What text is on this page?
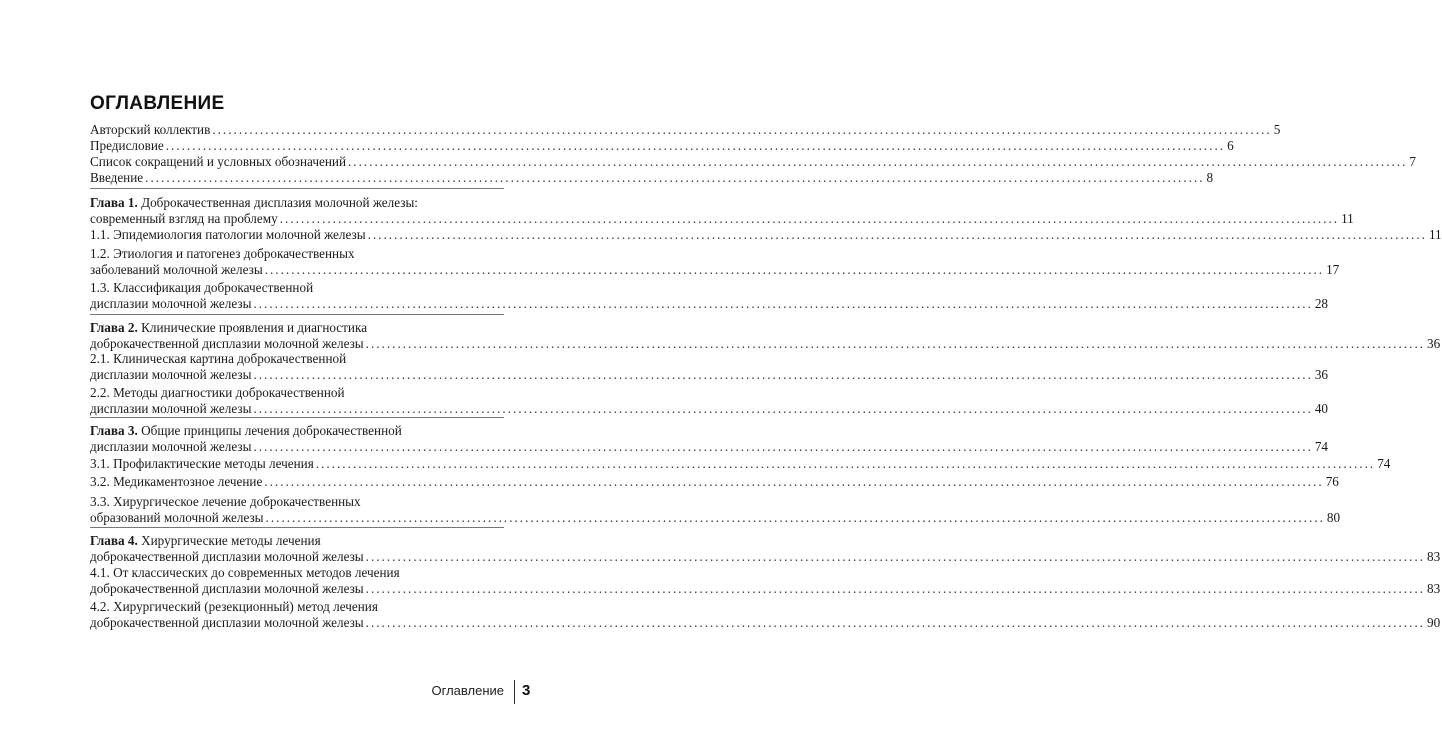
ОГЛАВЛЕНИЕ
Авторский коллектив ........................................................................................................................................................................................................ 5
Предисловие ........................................................................................................................................................................................................ 6
Список сокращений и условных обозначений ........................................................................................................................................................................................................ 7
Введение ........................................................................................................................................................................................................ 8
Глава 1. Доброкачественная дисплазия молочной железы:
современный взгляд на проблему ........................................................................................................................................................................................................ 11
1.1. Эпидемиология патологии молочной железы ........................................................................................................................................................................................................ 11
1.2. Этиология и патогенез доброкачественных
заболеваний молочной железы ........................................................................................................................................................................................................ 17
1.3. Классификация доброкачественной
дисплазии молочной железы ........................................................................................................................................................................................................ 28
Глава 2. Клинические проявления и диагностика
доброкачественной дисплазии молочной железы ........................................................................................................................................................................................................ 36
2.1. Клиническая картина доброкачественной
дисплазии молочной железы ........................................................................................................................................................................................................ 36
2.2. Методы диагностики доброкачественной
дисплазии молочной железы ........................................................................................................................................................................................................ 40
Глава 3. Общие принципы лечения доброкачественной
дисплазии молочной железы ........................................................................................................................................................................................................ 74
3.1. Профилактические методы лечения ........................................................................................................................................................................................................ 74
3.2. Медикаментозное лечение ........................................................................................................................................................................................................ 76
3.3. Хирургическое лечение доброкачественных
образований молочной железы ........................................................................................................................................................................................................ 80
Глава 4. Хирургические методы лечения
доброкачественной дисплазии молочной железы ........................................................................................................................................................................................................ 83
4.1. От классических до современных методов лечения
доброкачественной дисплазии молочной железы ........................................................................................................................................................................................................ 83
4.2. Хирургический (резекционный) метод лечения
доброкачественной дисплазии молочной железы ........................................................................................................................................................................................................ 90
Оглавление 3
